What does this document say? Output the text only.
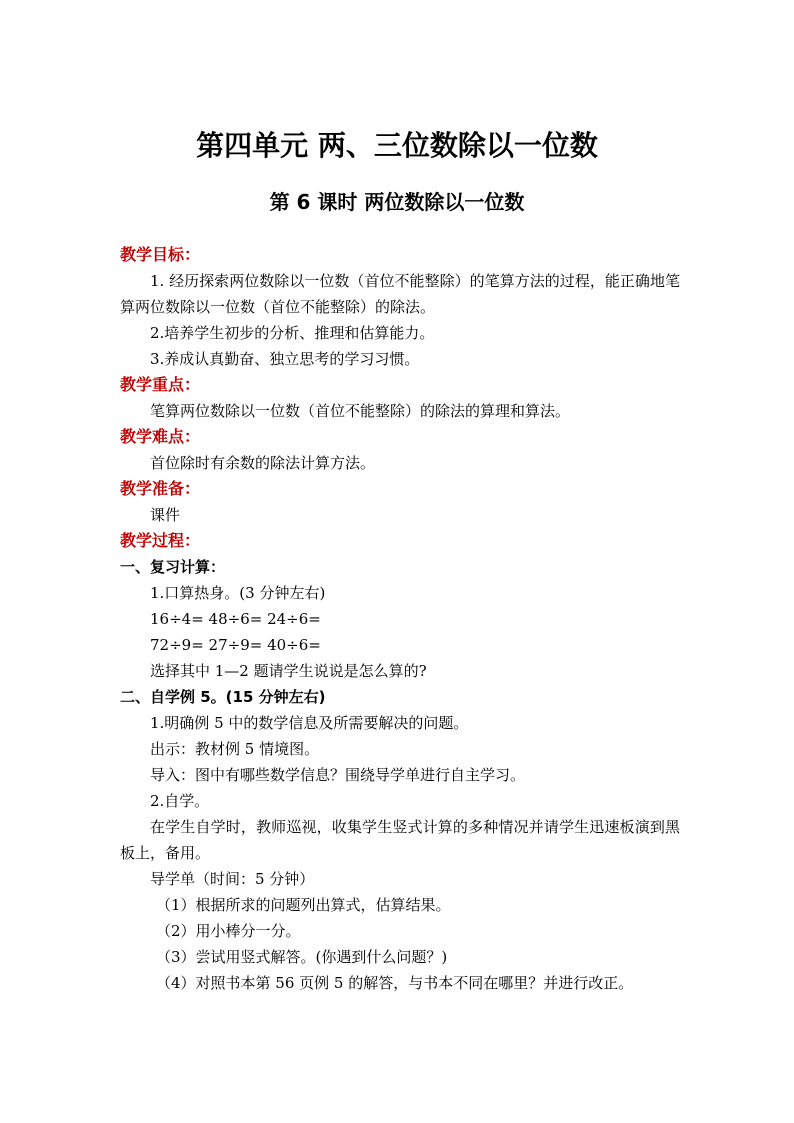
第四单元 两、三位数除以一位数
第 6 课时 两位数除以一位数
教学目标：
1. 经历探索两位数除以一位数（首位不能整除）的笔算方法的过程，能正确地笔算两位数除以一位数（首位不能整除）的除法。
2.培养学生初步的分析、推理和估算能力。
3.养成认真勤奋、独立思考的学习习惯。
教学重点：
笔算两位数除以一位数（首位不能整除）的除法的算理和算法。
教学难点：
首位除时有余数的除法计算方法。
教学准备：
课件
教学过程：
一、复习计算：
1.口算热身。(3 分钟左右)
16÷4= 48÷6= 24÷6=
72÷9= 27÷9= 40÷6=
选择其中 1—2 题请学生说说是怎么算的?
二、自学例 5。(15 分钟左右)
1.明确例 5 中的数学信息及所需要解决的问题。
出示：教材例 5 情境图。
导入：图中有哪些数学信息？围绕导学单进行自主学习。
2.自学。
在学生自学时，教师巡视，收集学生竖式计算的多种情况并请学生迅速板演到黑板上，备用。
导学单（时间：5 分钟）
（1）根据所求的问题列出算式，估算结果。
（2）用小棒分一分。
（3）尝试用竖式解答。(你遇到什么问题？)
（4）对照书本第 56 页例 5 的解答，与书本不同在哪里？并进行改正。
